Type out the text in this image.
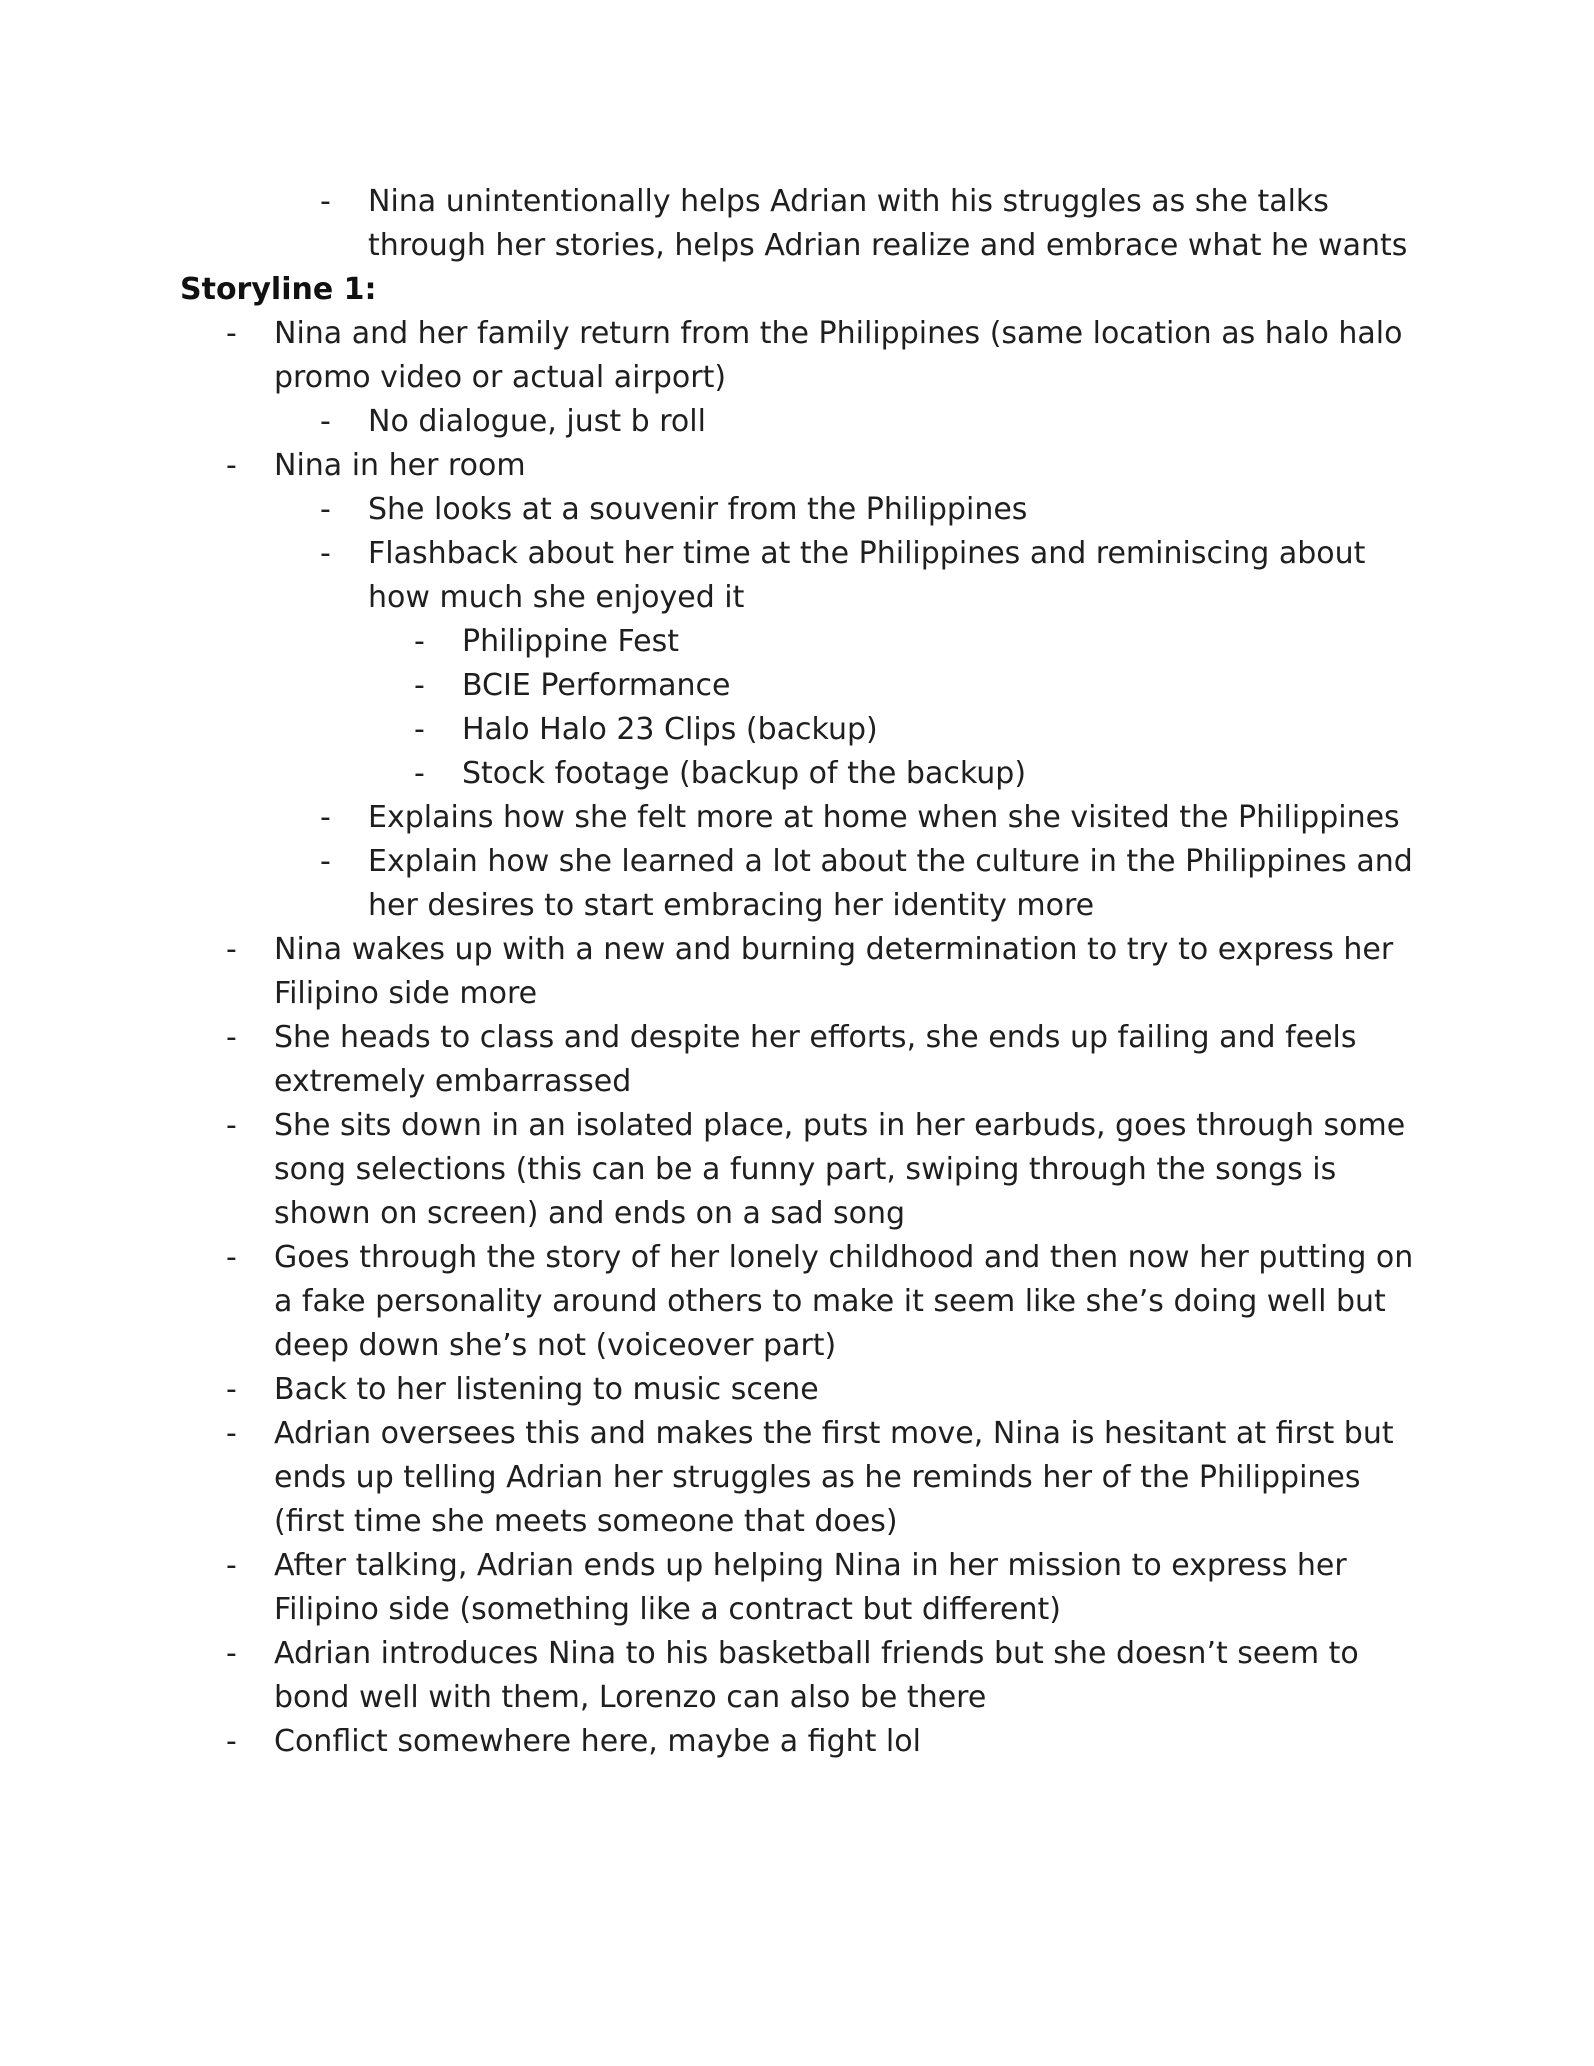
- Nina unintentionally helps Adrian with his struggles as she talks through her stories, helps Adrian realize and embrace what he wants
Storyline 1:
- Nina and her family return from the Philippines (same location as halo halo promo video or actual airport)
- No dialogue, just b roll
- Nina in her room
- She looks at a souvenir from the Philippines
- Flashback about her time at the Philippines and reminiscing about how much she enjoyed it
- Philippine Fest
- BCIE Performance
- Halo Halo 23 Clips (backup)
- Stock footage (backup of the backup)
- Explains how she felt more at home when she visited the Philippines
- Explain how she learned a lot about the culture in the Philippines and her desires to start embracing her identity more
- Nina wakes up with a new and burning determination to try to express her Filipino side more
- She heads to class and despite her efforts, she ends up failing and feels extremely embarrassed
- She sits down in an isolated place, puts in her earbuds, goes through some song selections (this can be a funny part, swiping through the songs is shown on screen) and ends on a sad song
- Goes through the story of her lonely childhood and then now her putting on a fake personality around others to make it seem like she’s doing well but deep down she’s not (voiceover part)
- Back to her listening to music scene
- Adrian oversees this and makes the first move, Nina is hesitant at first but ends up telling Adrian her struggles as he reminds her of the Philippines (first time she meets someone that does)
- After talking, Adrian ends up helping Nina in her mission to express her Filipino side (something like a contract but different)
- Adrian introduces Nina to his basketball friends but she doesn’t seem to bond well with them, Lorenzo can also be there
- Conflict somewhere here, maybe a fight lol
